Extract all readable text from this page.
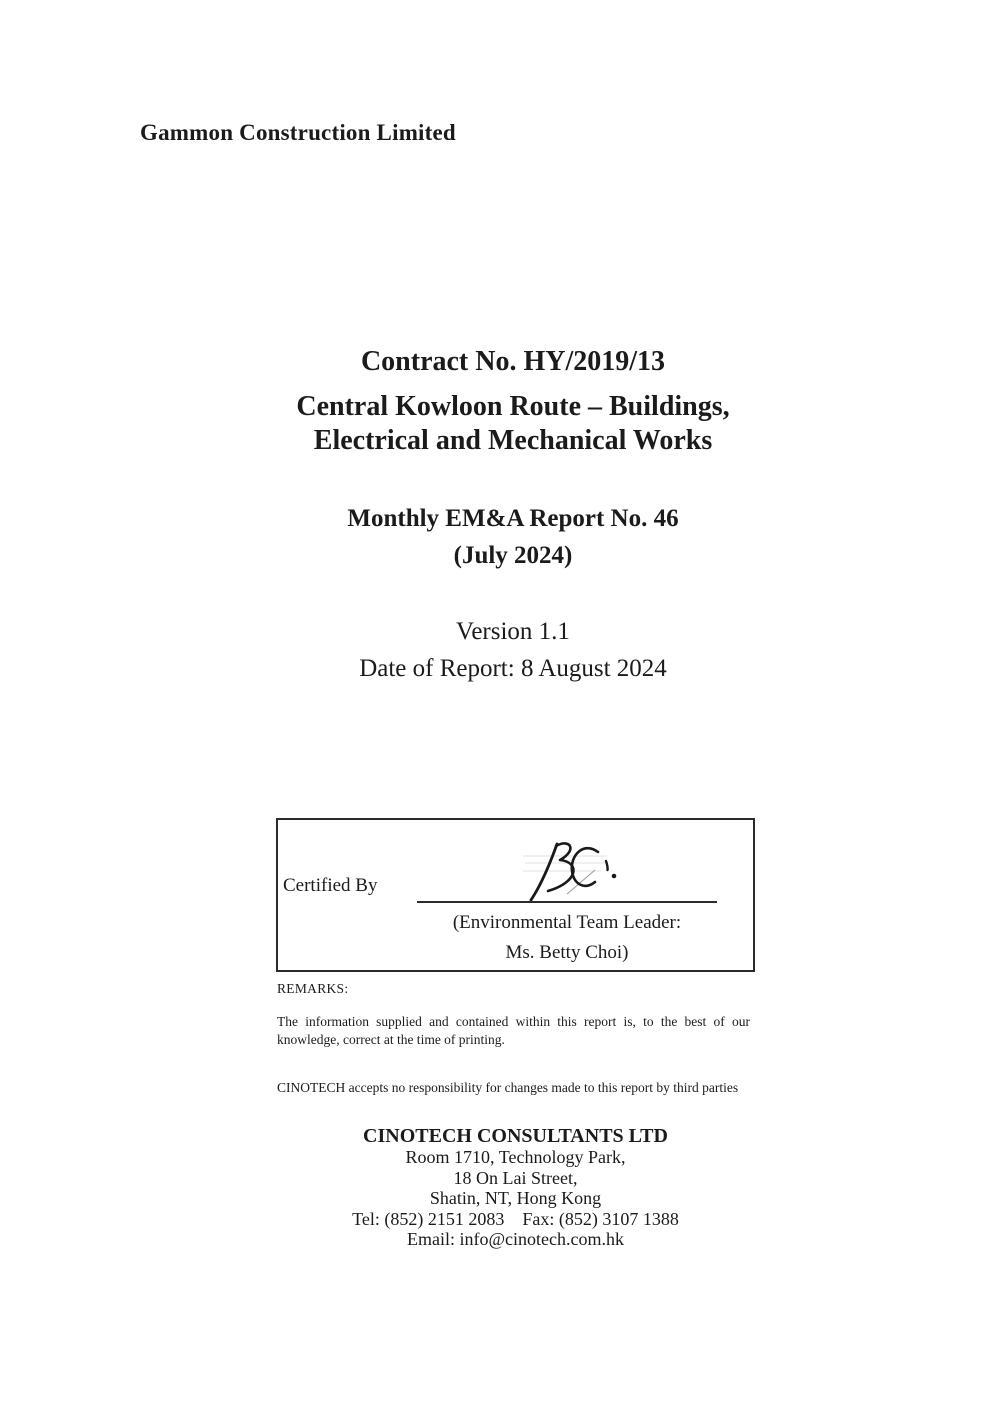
Gammon Construction Limited
Contract No. HY/2019/13
Central Kowloon Route – Buildings,
Electrical and Mechanical Works
Monthly EM&A Report No. 46
(July 2024)
Version 1.1
Date of Report: 8 August 2024
Certified By
(Environmental Team Leader:
Ms. Betty Choi)
REMARKS:
The information supplied and contained within this report is, to the best of our
knowledge, correct at the time of printing.
CINOTECH accepts no responsibility for changes made to this report by third parties
CINOTECH CONSULTANTS LTD
Room 1710, Technology Park,
18 On Lai Street,
Shatin, NT, Hong Kong
Tel: (852) 2151 2083    Fax: (852) 3107 1388
Email: info@cinotech.com.hk
